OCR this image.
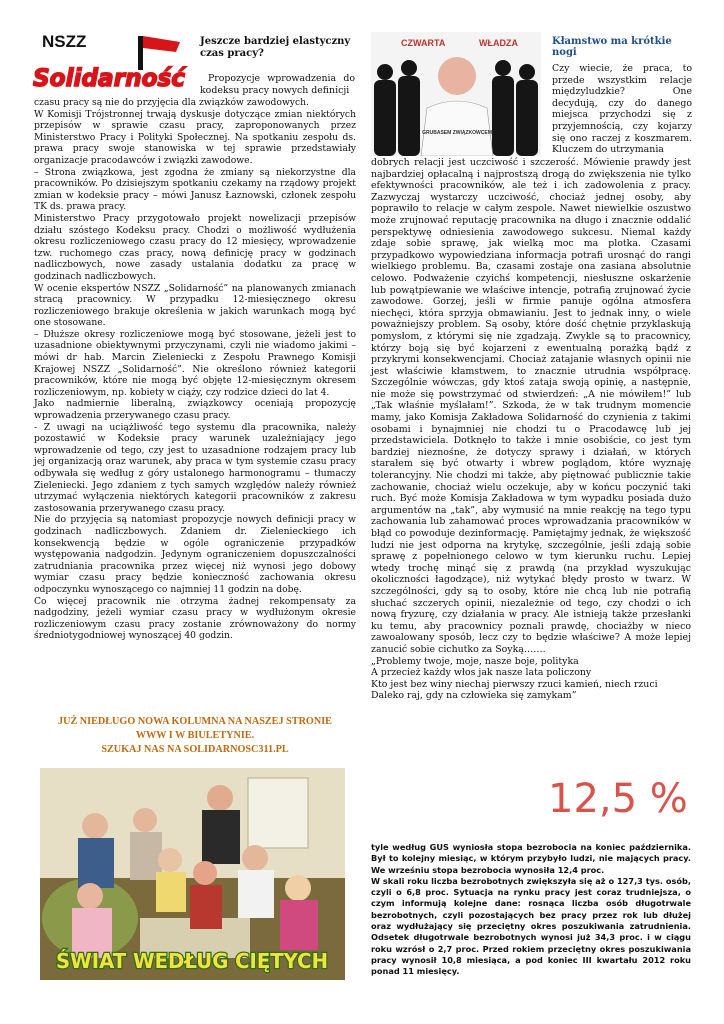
NSZZ
Solidarność
Jeszcze bardziej elastyczny czas pracy?

Propozycje wprowadzenia do kodeksu pracy nowych definicji

czasu pracy są nie do przyjęcia dla związków zawodowych.

W Komisji Trójstronnej trwają dyskusje dotyczące zmian niektórych przepisów w sprawie czasu pracy, zaproponowanych przez Ministerstwo Pracy i Polityki Społecznej. Na spotkaniu zespołu ds. prawa pracy swoje stanowiska w tej sprawie przedstawiały organizacje pracodawców i związki zawodowe.

– Strona związkowa, jest zgodna że zmiany są niekorzystne dla pracowników. Po dzisiejszym spotkaniu czekamy na rządowy projekt zmian w kodeksie pracy – mówi Janusz Łaznowski, członek zespołu TK ds. prawa pracy.

Ministerstwo Pracy przygotowało projekt nowelizacji przepisów działu szóstego Kodeksu pracy. Chodzi o możliwość wydłużenia okresu rozliczeniowego czasu pracy do 12 miesięcy, wprowadzenie tzw. ruchomego czas pracy, nową definicję pracy w godzinach nadliczbowych, nowe zasady ustalania dodatku za pracę w godzinach nadliczbowych.

W ocenie ekspertów NSZZ „Solidarność” na planowanych zmianach stracą pracownicy. W przypadku 12-miesięcznego okresu rozliczeniowego brakuje określenia w jakich warunkach mogą być one stosowane.

– Dłuższe okresy rozliczeniowe mogą być stosowane, jeżeli jest to uzasadnione obiektywnymi przyczynami, czyli nie wiadomo jakimi – mówi dr hab. Marcin Zieleniecki z Zespołu Prawnego Komisji Krajowej NSZZ „Solidarność”. Nie określono również kategorii pracowników, które nie mogą być objęte 12-miesięcznym okresem rozliczeniowym, np. kobiety w ciąży, czy rodzice dzieci do lat 4.

Jako nadmiernie liberalną, związkowcy oceniają propozycję wprowadzenia przerywanego czasu pracy.

- Z uwagi na uciążliwość tego systemu dla pracownika, należy pozostawić w Kodeksie pracy warunek uzależniający jego wprowadzenie od tego, czy jest to uzasadnione rodzajem pracy lub jej organizacją oraz warunek, aby praca w tym systemie czasu pracy odbywała się według z góry ustalonego harmonogramu – tłumaczy Zieleniecki. Jego zdaniem z tych samych względów należy również utrzymać wyłączenia niektórych kategorii pracowników z zakresu zastosowania przerywanego czasu pracy.

Nie do przyjęcia są natomiast propozycje nowych definicji pracy w godzinach nadliczbowych. Zdaniem dr. Zielenieckiego ich konsekwencją będzie w ogóle ograniczenie przypadków występowania nadgodzin. Jedynym ograniczeniem dopuszczalności zatrudniania pracownika przez więcej niż wynosi jego dobowy wymiar czasu pracy będzie konieczność zachowania okresu odpoczynku wynoszącego co najmniej 11 godzin na dobę.

Co więcej pracownik nie otrzyma żadnej rekompensaty za nadgodziny, jeżeli wymiar czasu pracy w wydłużonym okresie rozliczeniowym czasu pracy zostanie zrównoważony do normy średniotygodniowej wynoszącej 40 godzin.

JUŻ NIEDŁUGO NOWA KOLUMNA NA NASZEJ STRONIE
WWW I W BIULETYNIE.
SZUKAJ NAS NA SOLIDARNOSC311.PL
CZWARTA	WŁADZA
GRUBASEM ZWIĄZKOWCEM
Kłamstwo ma krótkie nogi

Czy wiecie, że praca, to przede wszystkim relacje międzyludzkie? One decydują, czy do danego miejsca przychodzi się z przyjemnością, czy kojarzy się ono raczej z koszmarem. Kluczem do utrzymania

dobrych relacji jest uczciwość i szczerość. Mówienie prawdy jest najbardziej opłacalną i najprostszą drogą do zwiększenia nie tylko efektywności pracowników, ale też i ich zadowolenia z pracy. Zazwyczaj wystarczy uczciwość, chociaż jednej osoby, aby poprawiło to relacje w całym zespole. Nawet niewielkie oszustwo może zrujnować reputację pracownika na długo i znacznie oddalić perspektywę odniesienia zawodowego sukcesu. Niemal każdy zdaje sobie sprawę, jak wielką moc ma plotka. Czasami przypadkowo wypowiedziana informacja potrafi urosnąć do rangi wielkiego problemu. Ba, czasami zostaje ona zasiana absolutnie celowo. Podważenie czyichś kompetencji, niesłuszne oskarżenie lub powątpiewanie we właściwe intencje, potrafią zrujnować życie zawodowe. Gorzej, jeśli w firmie panuje ogólna atmosfera niechęci, która sprzyja obmawianiu. Jest to jednak inny, o wiele poważniejszy problem. Są osoby, które dość chętnie przyklaskują pomysłom, z którymi się nie zgadzają. Zwykle są to pracownicy, którzy boją się być kojarzeni z ewentualną porażką bądź z przykrymi konsekwencjami. Chociaż zatajanie własnych opinii nie jest właściwie kłamstwem, to znacznie utrudnia współpracę. Szczególnie wówczas, gdy ktoś zataja swoją opinię, a następnie, nie może się powstrzymać od stwierdzeń: „A nie mówiłem!” lub „Tak właśnie myślałam!”. Szkoda, że w tak trudnym momencie mamy, jako Komisja Zakładowa Solidarność do czynienia z takimi osobami i bynajmniej nie chodzi tu o Pracodawcę lub jej przedstawiciela. Dotknęło to także i mnie osobiście, co jest tym bardziej nieznośne, że dotyczy sprawy i działań, w których starałem się być otwarty i wbrew poglądom, które wyznaję tolerancyjny. Nie chodzi mi także, aby piętnować publicznie takie zachowanie, chociaż wielu oczekuje, aby w końcu poczynić taki ruch. Być może Komisja Zakładowa w tym wypadku posiada dużo argumentów na „tak”, aby wymusić na mnie reakcję na tego typu zachowania lub zahamować proces wprowadzania pracowników w błąd co powoduje dezinformację. Pamiętajmy jednak, że większość ludzi nie jest odporna na krytykę, szczególnie, jeśli zdają sobie sprawę z popełnionego celowo w tym kierunku ruchu. Lepiej wtedy trochę minąć się z prawdą (na przykład wyszukując okoliczności łagodzące), niż wytykać błędy prosto w twarz. W szczególności, gdy są to osoby, które nie chcą lub nie potrafią słuchać szczerych opinii, niezależnie od tego, czy chodzi o ich nową fryzurę, czy działania w pracy. Ale istnieją także przesłanki ku temu, aby pracownicy poznali prawdę, chociażby w nieco zawoalowany sposób, lecz czy to będzie właściwe? A może lepiej zanucić sobie cichutko za Soyką…….

„Problemy twoje, moje, nasze boje, polityka

A przecież każdy włos jak nasze lata policzony

Kto jest bez winy niechaj pierwszy rzuci kamień, niech rzuci

Daleko raj, gdy na człowieka się zamykam”

ŚWIAT WEDŁUG CIĘTYCH
12,5 %

tyle według GUS wyniosła stopa bezrobocia na koniec października. Był to kolejny miesiąc, w którym przybyło ludzi, nie mających pracy. We wrześniu stopa bezrobocia wynosiła 12,4 proc.

W skali roku liczba bezrobotnych zwiększyła się aż o 127,3 tys. osób, czyli o 6,8 proc. Sytuacja na rynku pracy jest coraz trudniejsza, o czym informują kolejne dane: rosnąca liczba osób długotrwale bezrobotnych, czyli pozostających bez pracy przez rok lub dłużej oraz wydłużający się przeciętny okres poszukiwania zatrudnienia. Odsetek długotrwale bezrobotnych wynosi już 34,3 proc. i w ciągu roku wzrósł o 2,7 proc. Przed rokiem przeciętny okres poszukiwania pracy wynosił 10,8 miesiąca, a pod koniec III kwartału 2012 roku ponad 11 miesięcy.
